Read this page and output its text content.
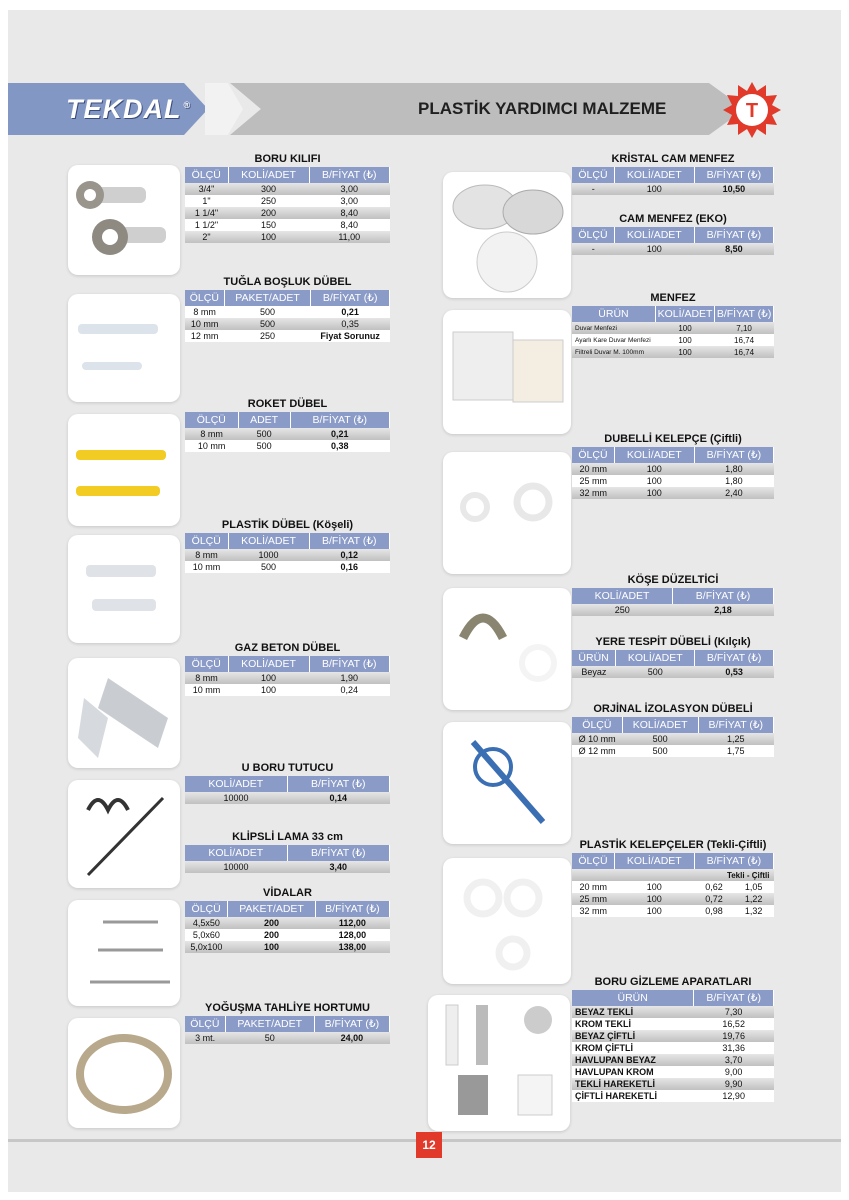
TEKDAL ®	PLASTİK YARDIMCI MALZEME	T
BORU KILIFI
ÖLÇÜ	KOLİ/ADET	B/FİYAT (₺)
3/4"	300	3,00
1"	250	3,00
1 1/4"	200	8,40
1 1/2"	150	8,40
2"	100	11,00
TUĞLA BOŞLUK DÜBEL
ÖLÇÜ	PAKET/ADET	B/FİYAT (₺)
8 mm	500	0,21
10 mm	500	0,35
12 mm	250	Fiyat Sorunuz
ROKET DÜBEL
ÖLÇÜ	ADET	B/FİYAT (₺)
8 mm	500	0,21
10 mm	500	0,38
PLASTİK DÜBEL (Köşeli)
ÖLÇÜ	KOLİ/ADET	B/FİYAT (₺)
8 mm	1000	0,12
10 mm	500	0,16
GAZ BETON DÜBEL
ÖLÇÜ	KOLİ/ADET	B/FİYAT (₺)
8 mm	100	1,90
10 mm	100	0,24
U BORU TUTUCU
KOLİ/ADET	B/FİYAT (₺)
10000	0,14
KLİPSLİ LAMA 33 cm
KOLİ/ADET	B/FİYAT (₺)
10000	3,40
VİDALAR
ÖLÇÜ	PAKET/ADET	B/FİYAT (₺)
4,5x50	200	112,00
5,0x60	200	128,00
5,0x100	100	138,00
YOĞUŞMA TAHLİYE HORTUMU
ÖLÇÜ	PAKET/ADET	B/FİYAT (₺)
3 mt.	50	24,00
KRİSTAL CAM MENFEZ
ÖLÇÜ	KOLİ/ADET	B/FİYAT (₺)
-	100	10,50
CAM MENFEZ (EKO)
ÖLÇÜ	KOLİ/ADET	B/FİYAT (₺)
-	100	8,50
MENFEZ
ÜRÜN	KOLİ/ADET	B/FİYAT (₺)
Duvar Menfezi	100	7,10
Ayarlı Kare Duvar Menfezi	100	16,74
Filtreli Duvar M. 100mm	100	16,74
DUBELLİ KELEPÇE (Çiftli)
ÖLÇÜ	KOLİ/ADET	B/FİYAT (₺)
20 mm	100	1,80
25 mm	100	1,80
32 mm	100	2,40
KÖŞE DÜZELTİCİ
KOLİ/ADET	B/FİYAT (₺)
250	2,18
YERE TESPİT DÜBELİ (Kılçık)
ÜRÜN	KOLİ/ADET	B/FİYAT (₺)
Beyaz	500	0,53
ORJİNAL İZOLASYON DÜBELİ
ÖLÇÜ	KOLİ/ADET	B/FİYAT (₺)
Ø 10 mm	500	1,25
Ø 12 mm	500	1,75
PLASTİK KELEPÇELER (Tekli-Çiftli)
ÖLÇÜ	KOLİ/ADET	B/FİYAT (₺)	
		Tekli - Çiftli	
20 mm	100	0,62	1,05
25 mm	100	0,72	1,22
32 mm	100	0,98	1,32
BORU GİZLEME APARATLARI
ÜRÜN	B/FİYAT (₺)
BEYAZ TEKLİ	7,30
KROM TEKLİ	16,52
BEYAZ ÇİFTLİ	19,76
KROM ÇİFTLİ	31,36
HAVLUPAN BEYAZ	3,70
HAVLUPAN KROM	9,00
TEKLİ HAREKETLİ	9,90
ÇİFTLİ HAREKETLİ	12,90
12
